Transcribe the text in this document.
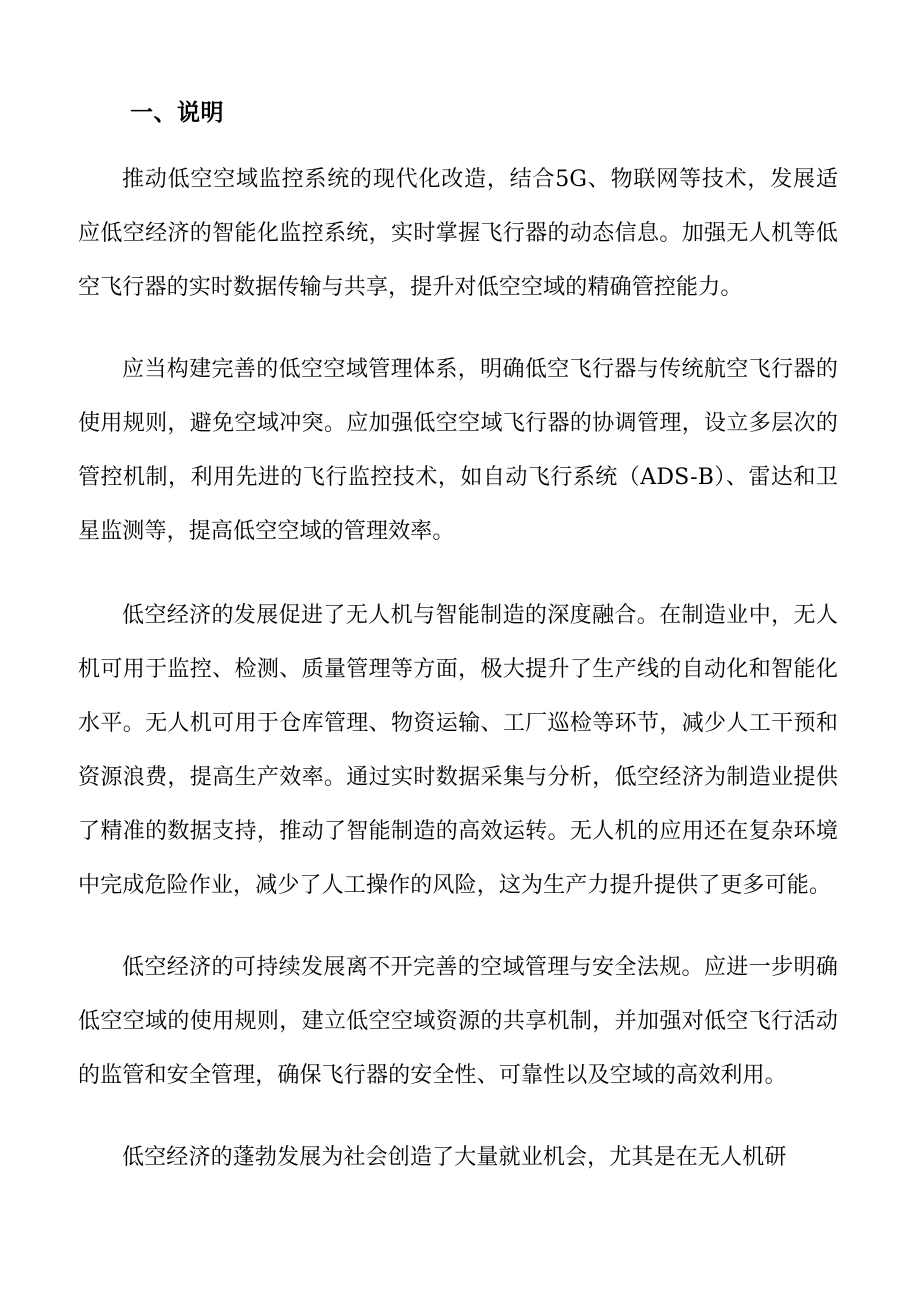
一、说明

推动低空空域监控系统的现代化改造，结合5G、物联网等技术，发展适应低空经济的智能化监控系统，实时掌握飞行器的动态信息。加强无人机等低空飞行器的实时数据传输与共享，提升对低空空域的精确管控能力。

应当构建完善的低空空域管理体系，明确低空飞行器与传统航空飞行器的使用规则，避免空域冲突。应加强低空空域飞行器的协调管理，设立多层次的管控机制，利用先进的飞行监控技术，如自动飞行系统（ADS-B）、雷达和卫星监测等，提高低空空域的管理效率。

低空经济的发展促进了无人机与智能制造的深度融合。在制造业中，无人机可用于监控、检测、质量管理等方面，极大提升了生产线的自动化和智能化水平。无人机可用于仓库管理、物资运输、工厂巡检等环节，减少人工干预和资源浪费，提高生产效率。通过实时数据采集与分析，低空经济为制造业提供了精准的数据支持，推动了智能制造的高效运转。无人机的应用还在复杂环境中完成危险作业，减少了人工操作的风险，这为生产力提升提供了更多可能。

低空经济的可持续发展离不开完善的空域管理与安全法规。应进一步明确低空空域的使用规则，建立低空空域资源的共享机制，并加强对低空飞行活动的监管和安全管理，确保飞行器的安全性、可靠性以及空域的高效利用。

低空经济的蓬勃发展为社会创造了大量就业机会，尤其是在无人机研
